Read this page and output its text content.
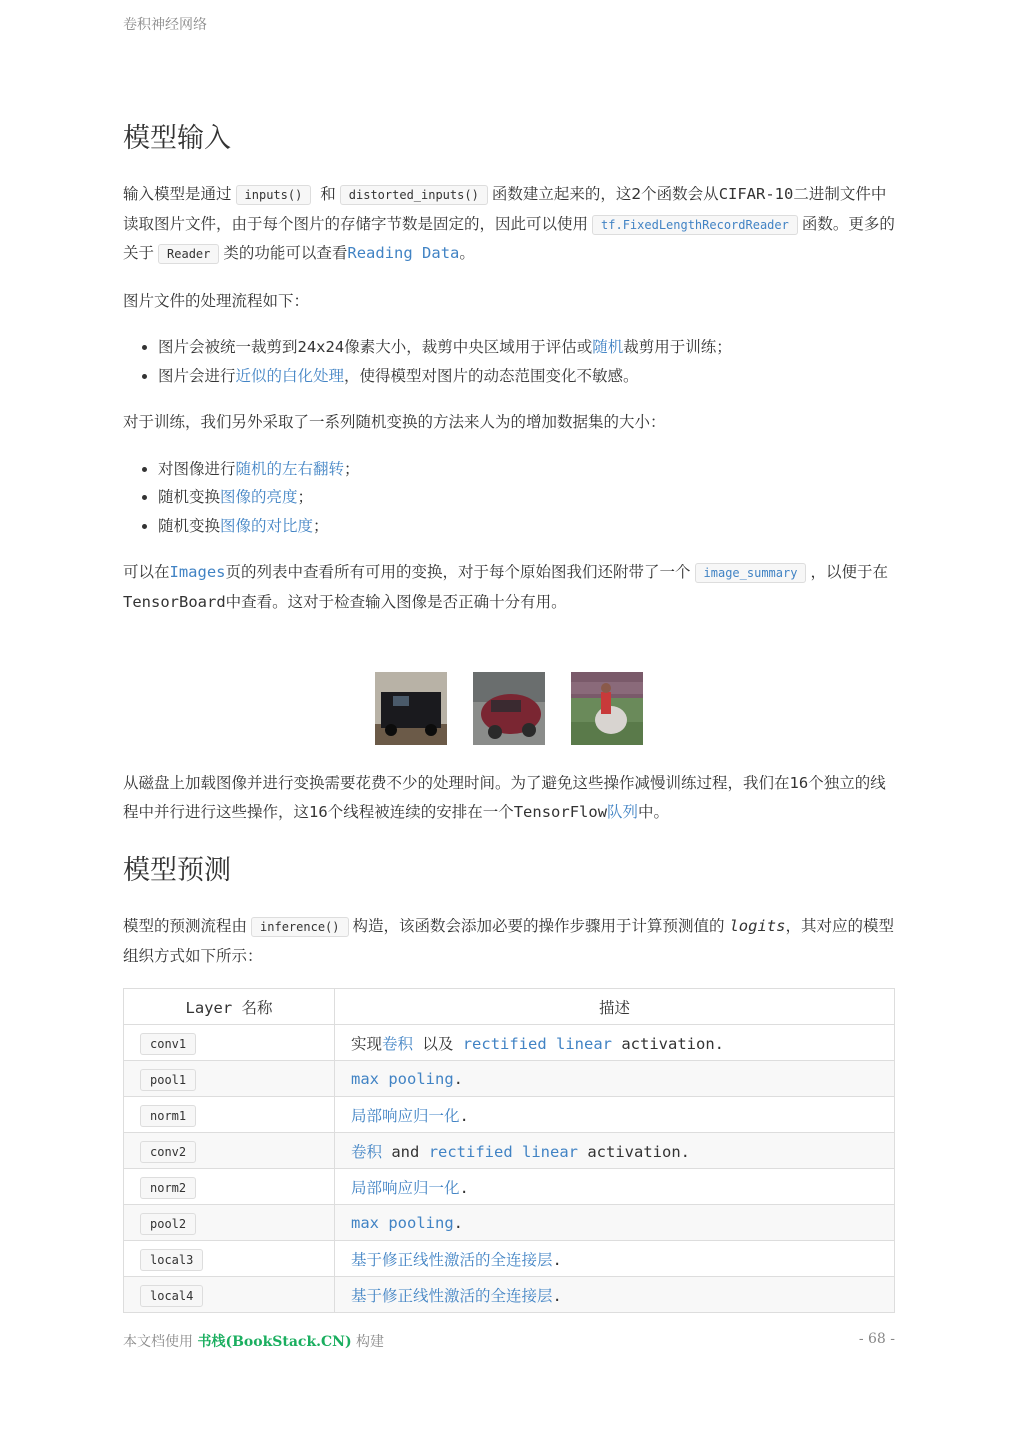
卷积神经网络
模型输入

输入模型是通过 inputs() 和 distorted_inputs() 函数建立起来的，这2个函数会从CIFAR-10二进制文件中读取图片文件，由于每个图片的存储字节数是固定的，因此可以使用 tf.FixedLengthRecordReader 函数。更多的关于 Reader 类的功能可以查看Reading Data。

图片文件的处理流程如下：

• 图片会被统一裁剪到24x24像素大小，裁剪中央区域用于评估或随机裁剪用于训练；
• 图片会进行近似的白化处理，使得模型对图片的动态范围变化不敏感。

对于训练，我们另外采取了一系列随机变换的方法来人为的增加数据集的大小：

• 对图像进行随机的左右翻转；
• 随机变换图像的亮度；
• 随机变换图像的对比度；

可以在Images页的列表中查看所有可用的变换，对于每个原始图我们还附带了一个 image_summary ，以便于在TensorBoard中查看。这对于检查输入图像是否正确十分有用。

从磁盘上加载图像并进行变换需要花费不少的处理时间。为了避免这些操作减慢训练过程，我们在16个独立的线程中并行进行这些操作，这16个线程被连续的安排在一个TensorFlow队列中。

模型预测

模型的预测流程由 inference() 构造，该函数会添加必要的操作步骤用于计算预测值的 logits，其对应的模型组织方式如下所示：

Layer 名称	描述
conv1	实现卷积 以及 rectified linear activation.
pool1	max pooling.
norm1	局部响应归一化.
conv2	卷积 and rectified linear activation.
norm2	局部响应归一化.
pool2	max pooling.
local3	基于修正线性激活的全连接层.
local4	基于修正线性激活的全连接层.
本文档使用 书栈(BookStack.CN) 构建	- 68 -
